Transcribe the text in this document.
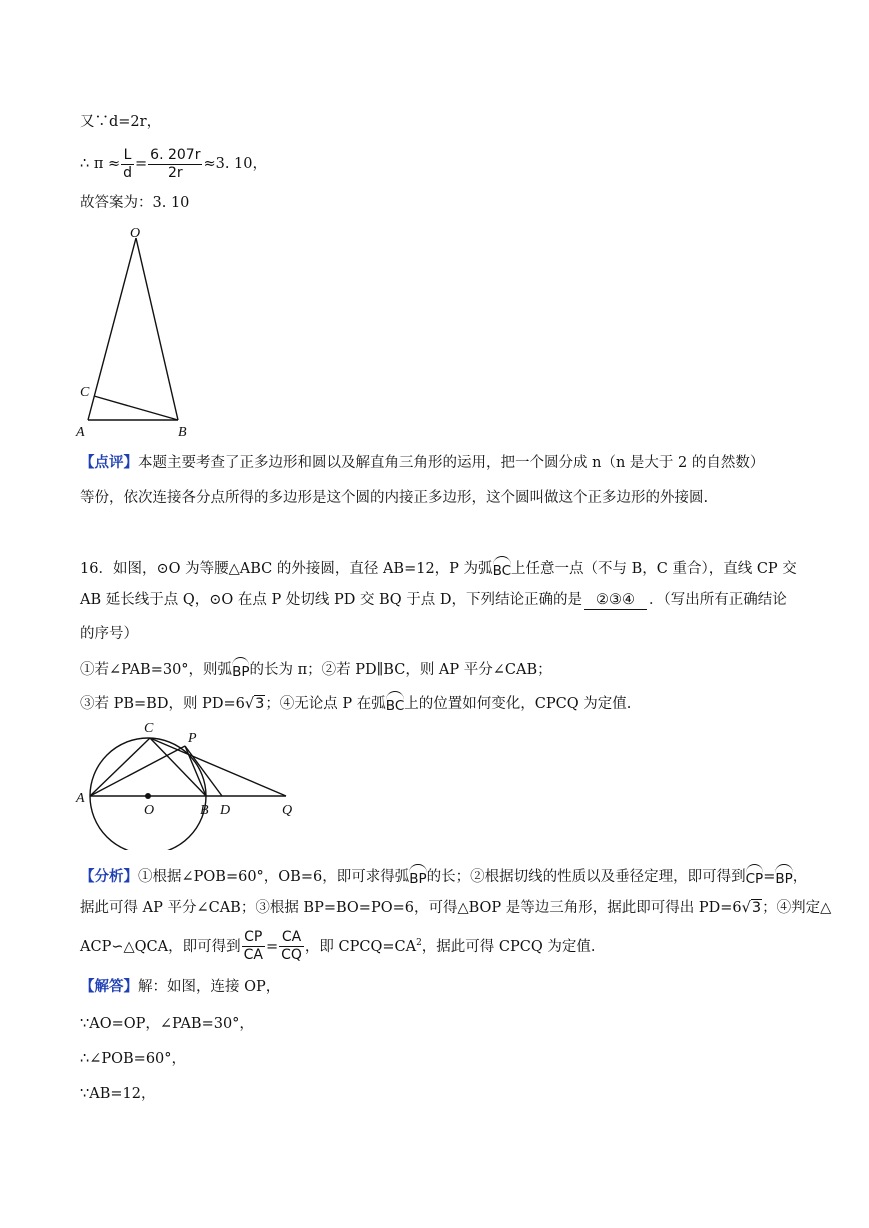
又∵d=2r，
∴ $\pi \approx \frac{L}{d} = \frac{6. 207r}{2r} \approx 3$. 10，
故答案为：3. 10
O
C
A	B
【点评】本题主要考查了正多边形和圆以及解直角三角形的运用，把一个圆分成 n（n 是大于 2 的自然数）
等份，依次连接各分点所得的多边形是这个圆的内接正多边形，这个圆叫做这个正多边形的外接圆.
16．如图，⊙O 为等腰△ABC 的外接圆，直径 AB=12，P 为弧BC上任意一点（不与 B，C 重合），直线 CP 交
AB 延长线于点 Q，⊙O 在点 P 处切线 PD 交 BQ 于点 D，下列结论正确的是 ②③④ ．（写出所有正确结论
的序号）
①若∠PAB=30°，则弧BP的长为 π；②若 PD∥BC，则 AP 平分∠CAB；
③若 PB=BD，则 PD=6√3；④无论点 P 在弧BC上的位置如何变化，CPCQ 为定值.
C
P
A
O	B D	Q
【分析】①根据∠POB=60°，OB=6，即可求得弧BP的长；②根据切线的性质以及垂径定理，即可得到CP=BP，
据此可得 AP 平分∠CAB；③根据 BP=BO=PO=6，可得△BOP 是等边三角形，据此即可得出 PD=6√3；④判定△
ACP∽△QCA，即可得到 $\frac{CP}{CA} = \frac{CA}{CQ}$ ，即 $CPCQ=CA^2$，据此可得 CPCQ 为定值.
【解答】解：如图，连接 OP，
∵AO=OP，∠PAB=30°，
∴∠POB=60°，
∵AB=12，
